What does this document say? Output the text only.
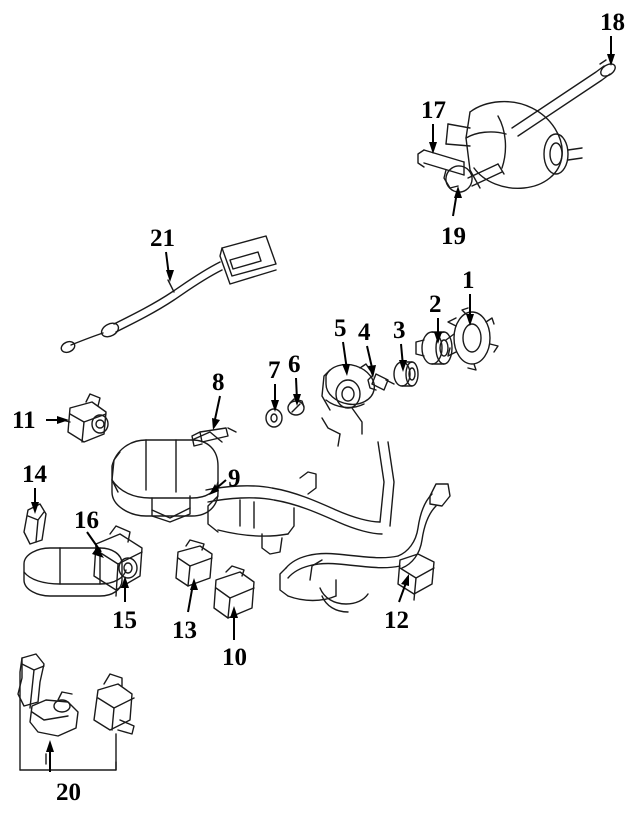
1
2
3
4
5
6
7
8
9
10
11
12
13
14
15
16
17
18
19
20
21
